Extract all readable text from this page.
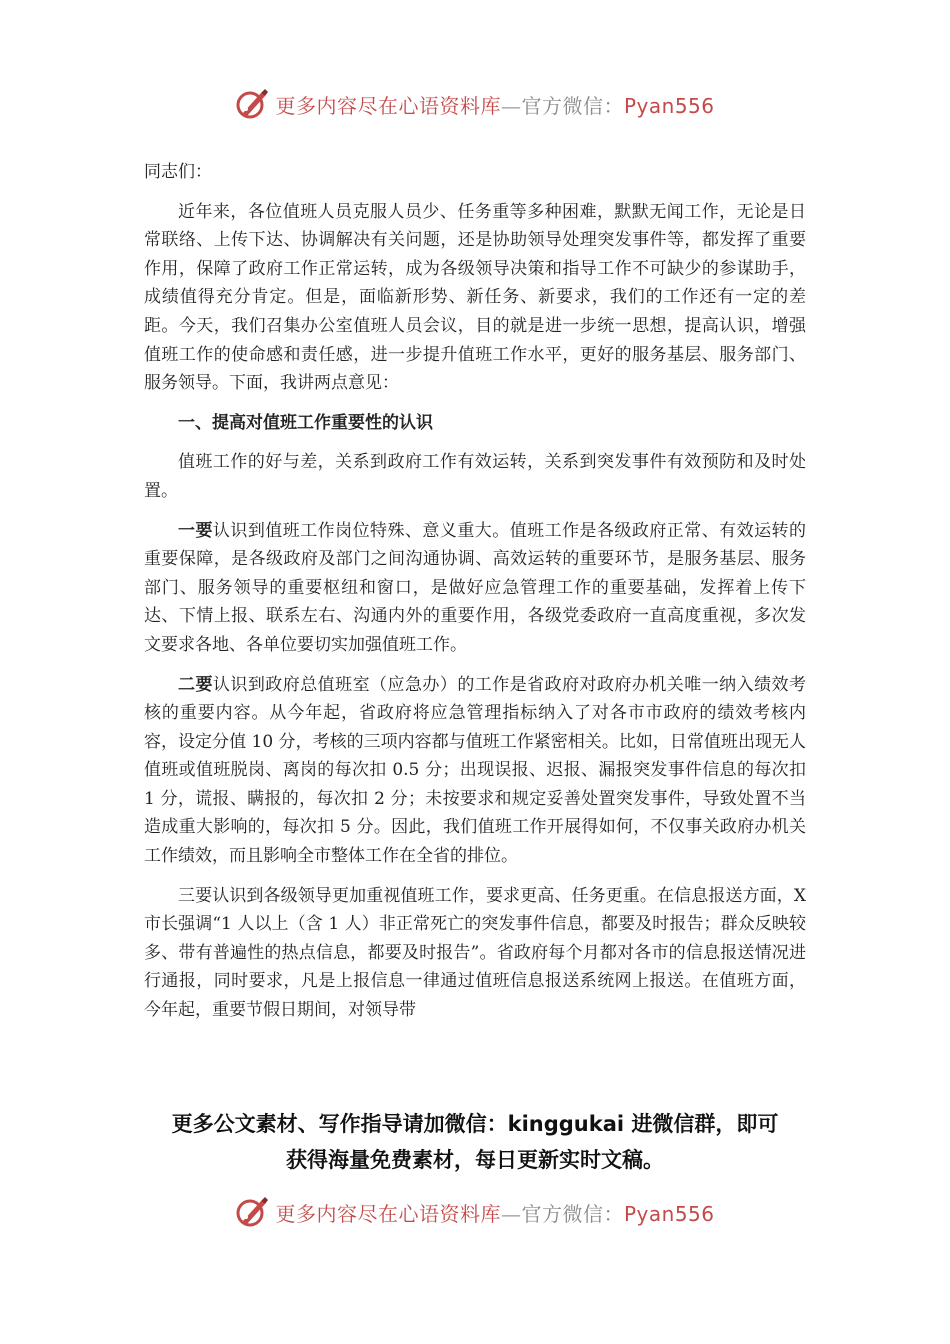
更多内容尽在心语资料库—官方微信：Pyan556

同志们：

近年来，各位值班人员克服人员少、任务重等多种困难，默默无闻工作，无论是日常联络、上传下达、协调解决有关问题，还是协助领导处理突发事件等，都发挥了重要作用，保障了政府工作正常运转，成为各级领导决策和指导工作不可缺少的参谋助手，成绩值得充分肯定。但是，面临新形势、新任务、新要求，我们的工作还有一定的差距。今天，我们召集办公室值班人员会议，目的就是进一步统一思想，提高认识，增强值班工作的使命感和责任感，进一步提升值班工作水平，更好的服务基层、服务部门、服务领导。下面，我讲两点意见：

一、提高对值班工作重要性的认识

值班工作的好与差，关系到政府工作有效运转，关系到突发事件有效预防和及时处置。

一要认识到值班工作岗位特殊、意义重大。值班工作是各级政府正常、有效运转的重要保障，是各级政府及部门之间沟通协调、高效运转的重要环节，是服务基层、服务部门、服务领导的重要枢纽和窗口，是做好应急管理工作的重要基础，发挥着上传下达、下情上报、联系左右、沟通内外的重要作用，各级党委政府一直高度重视，多次发文要求各地、各单位要切实加强值班工作。

二要认识到政府总值班室（应急办）的工作是省政府对政府办机关唯一纳入绩效考核的重要内容。从今年起，省政府将应急管理指标纳入了对各市市政府的绩效考核内容，设定分值 10 分，考核的三项内容都与值班工作紧密相关。比如，日常值班出现无人值班或值班脱岗、离岗的每次扣 0.5 分；出现误报、迟报、漏报突发事件信息的每次扣 1 分，谎报、瞒报的，每次扣 2 分；未按要求和规定妥善处置突发事件，导致处置不当造成重大影响的，每次扣 5 分。因此，我们值班工作开展得如何，不仅事关政府办机关工作绩效，而且影响全市整体工作在全省的排位。

三要认识到各级领导更加重视值班工作，要求更高、任务更重。在信息报送方面，X 市长强调“1 人以上（含 1 人）非正常死亡的突发事件信息，都要及时报告；群众反映较多、带有普遍性的热点信息，都要及时报告”。省政府每个月都对各市的信息报送情况进行通报，同时要求，凡是上报信息一律通过值班信息报送系统网上报送。在值班方面，今年起，重要节假日期间，对领导带

更多公文素材、写作指导请加微信：kinggukai 进微信群，即可
获得海量免费素材，每日更新实时文稿。
更多内容尽在心语资料库—官方微信：Pyan556
